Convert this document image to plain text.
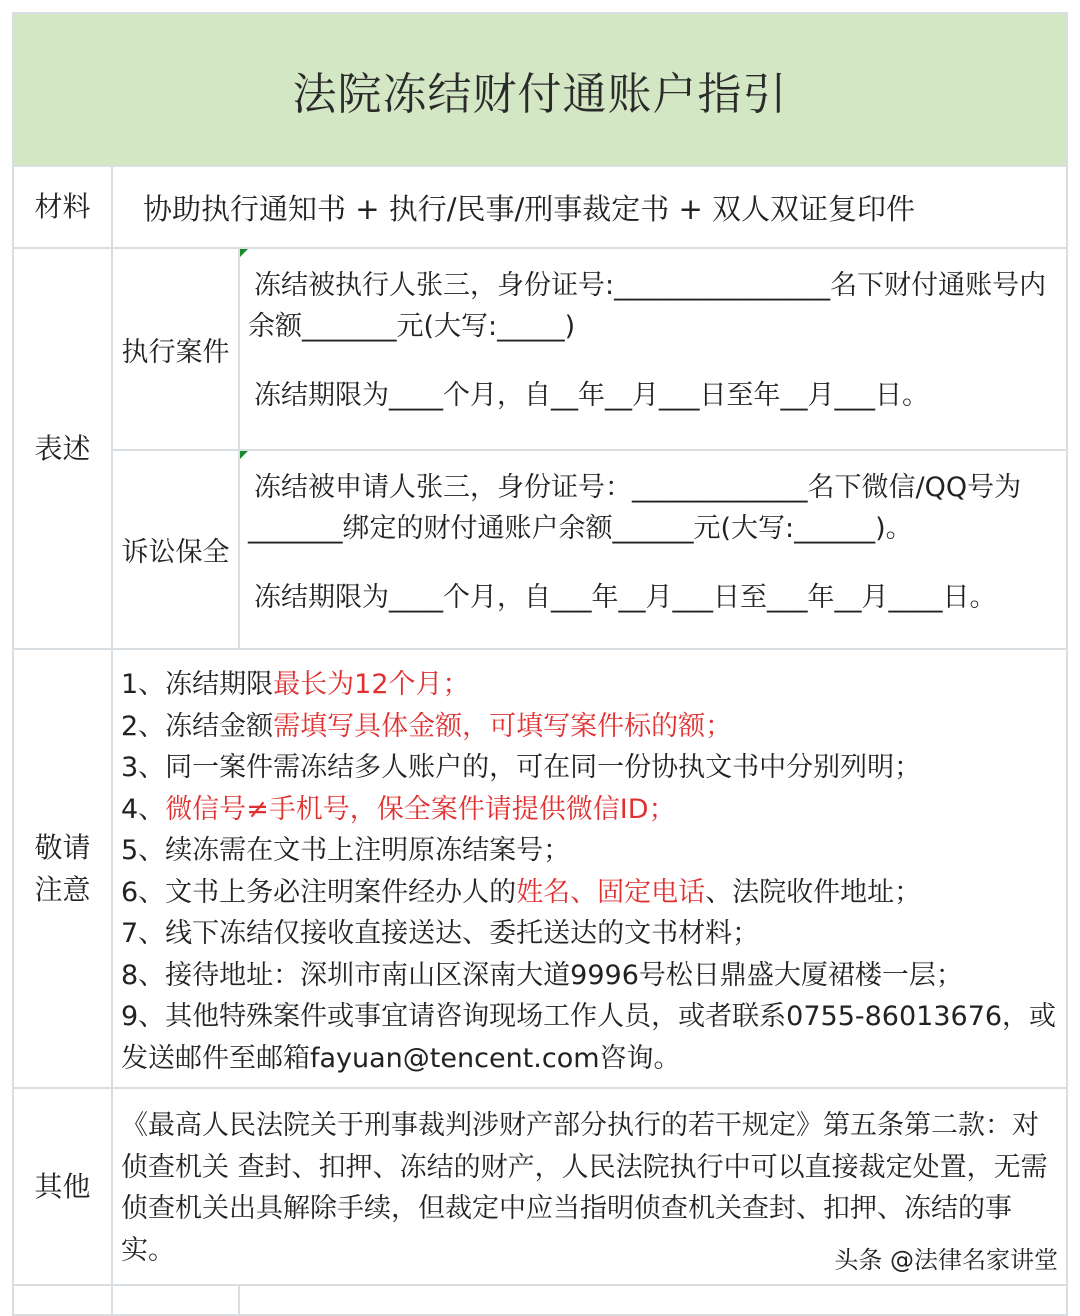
法院冻结财付通账户指引
材料	协助执行通知书 + 执行/民事/刑事裁定书 + 双人双证复印件
表述
执行案件
冻结被执行人张三，身份证号:________________名下财付通账号内余额_______元(大写:_____)
冻结期限为____个月，自__年__月___日至年__月___日。
诉讼保全
冻结被申请人张三，身份证号：_____________名下微信/QQ号为_______绑定的财付通账户余额______元(大写:______)。
冻结期限为____个月，自___年__月___日至___年__月____日。
敬请注意
1、冻结期限最长为12个月；
2、冻结金额需填写具体金额，可填写案件标的额；
3、同一案件需冻结多人账户的，可在同一份协执文书中分别列明；
4、微信号≠手机号，保全案件请提供微信ID；
5、续冻需在文书上注明原冻结案号；
6、文书上务必注明案件经办人的姓名、固定电话、法院收件地址；
7、线下冻结仅接收直接送达、委托送达的文书材料；
8、接待地址：深圳市南山区深南大道9996号松日鼎盛大厦裙楼一层；
9、其他特殊案件或事宜请咨询现场工作人员，或者联系0755-86013676，或发送邮件至邮箱fayuan@tencent.com咨询。
其他
《最高人民法院关于刑事裁判涉财产部分执行的若干规定》第五条第二款：对侦查机关 查封、扣押、冻结的财产，人民法院执行中可以直接裁定处置，无需侦查机关出具解除手续，但裁定中应当指明侦查机关查封、扣押、冻结的事实。	头条 @法律名家讲堂
